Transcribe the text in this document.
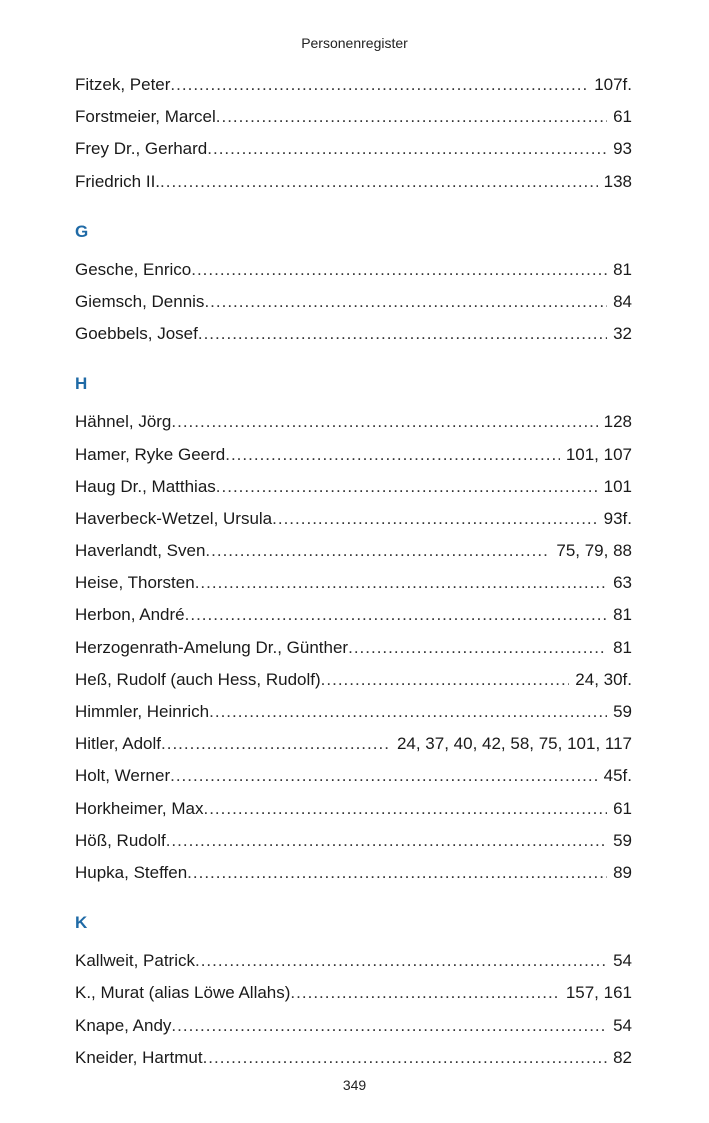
Personenregister
Fitzek, Peter .....	107f.
Forstmeier, Marcel .....	61
Frey Dr., Gerhard .....	93
Friedrich II. .....	138
G
Gesche, Enrico .....	81
Giemsch, Dennis .....	84
Goebbels, Josef .....	32
H
Hähnel, Jörg .....	128
Hamer, Ryke Geerd .....	101, 107
Haug Dr., Matthias .....	101
Haverbeck-Wetzel, Ursula .....	93f.
Haverlandt, Sven .....	75, 79, 88
Heise, Thorsten .....	63
Herbon, André .....	81
Herzogenrath-Amelung Dr., Günther .....	81
Heß, Rudolf (auch Hess, Rudolf) .....	24, 30f.
Himmler, Heinrich .....	59
Hitler, Adolf .....	24, 37, 40, 42, 58, 75, 101, 117
Holt, Werner .....	45f.
Horkheimer, Max .....	61
Höß, Rudolf .....	59
Hupka, Steffen .....	89
K
Kallweit, Patrick .....	54
K., Murat (alias Löwe Allahs) .....	157, 161
Knape, Andy .....	54
Kneider, Hartmut .....	82
349
